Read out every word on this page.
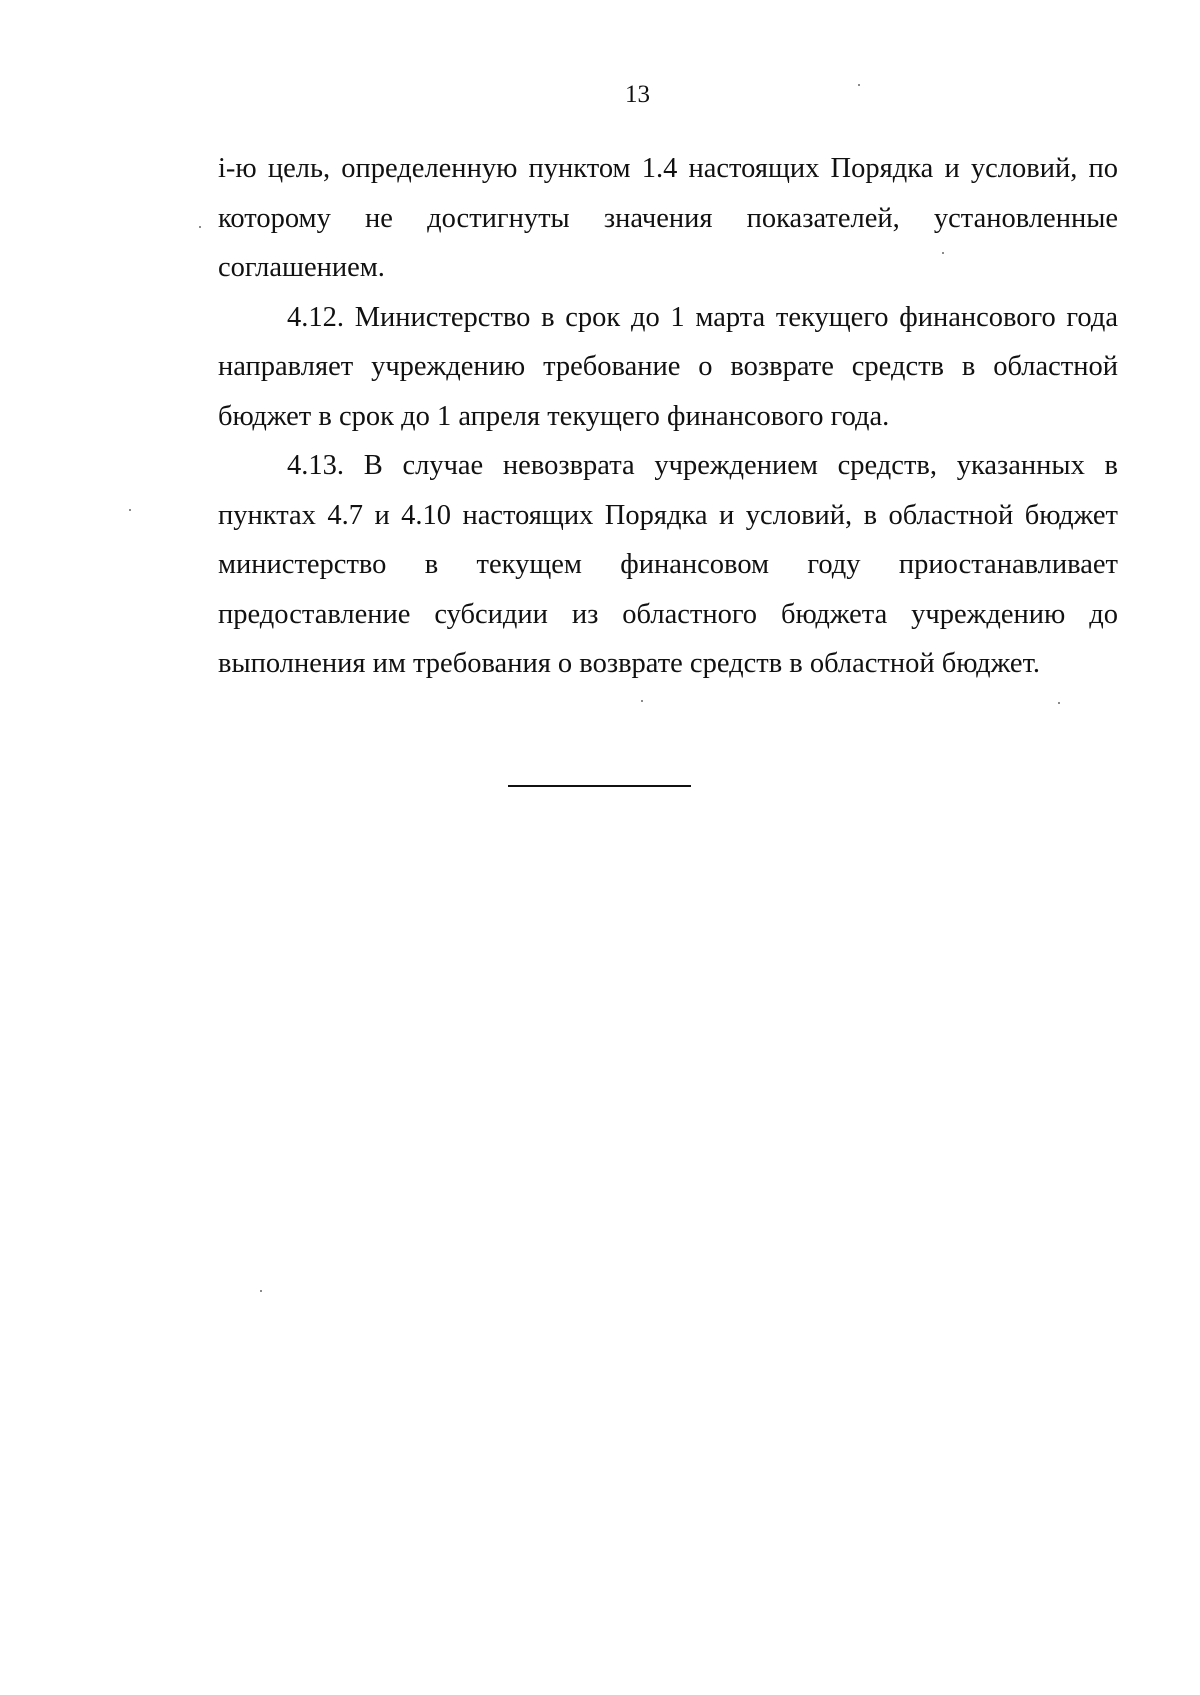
13

i-ю цель, определенную пунктом 1.4 настоящих Порядка и условий, по которому не достигнуты значения показателей, установленные соглашением.

4.12. Министерство в срок до 1 марта текущего финансового года направляет учреждению требование о возврате средств в областной бюджет в срок до 1 апреля текущего финансового года.

4.13. В случае невозврата учреждением средств, указанных в пунктах 4.7 и 4.10 настоящих Порядка и условий, в областной бюджет министерство в текущем финансовом году приостанавливает предоставление субсидии из областного бюджета учреждению до выполнения им требования о возврате средств в областной бюджет.
